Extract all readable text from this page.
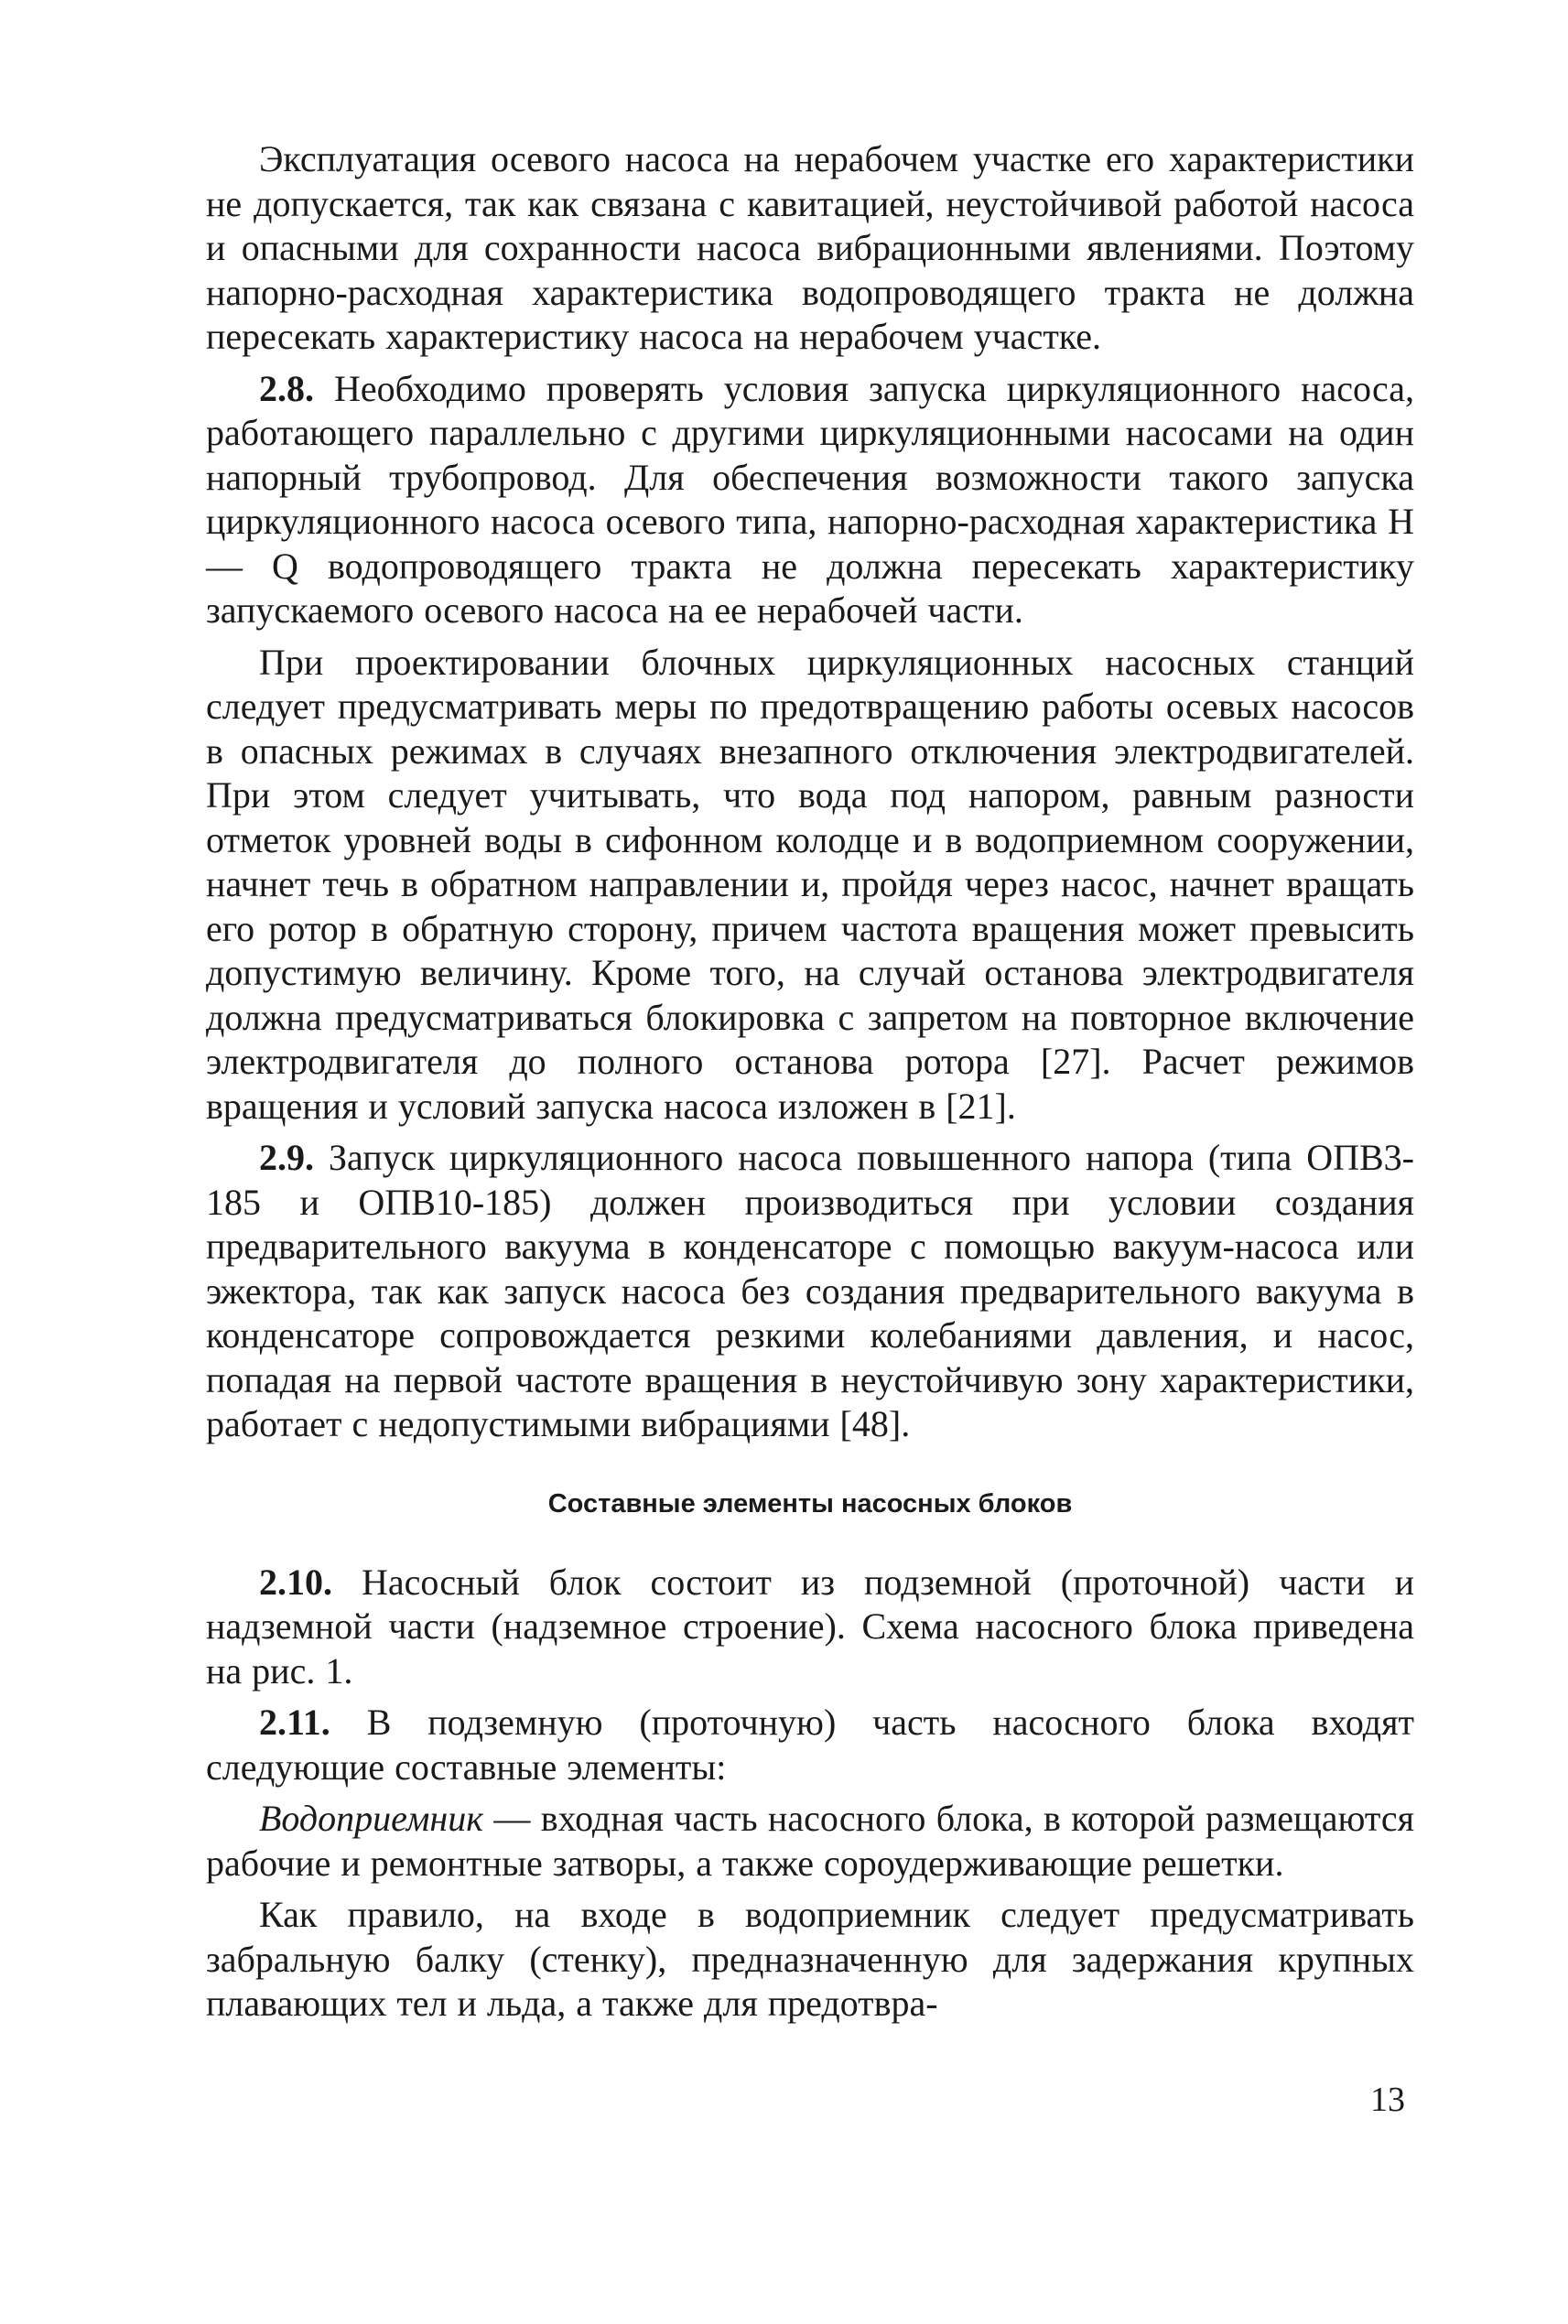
Эксплуатация осевого насоса на нерабочем участке его характеристики не допускается, так как связана с кавитацией, неустойчивой работой насоса и опасными для сохранности насоса вибрационными явлениями. Поэтому напорно-расходная характеристика водопроводящего тракта не должна пересекать характеристику насоса на нерабочем участке.

2.8. Необходимо проверять условия запуска циркуляционного насоса, работающего параллельно с другими циркуляционными насосами на один напорный трубопровод. Для обеспечения возможности такого запуска циркуляционного насоса осевого типа, напорно-расходная характеристика H — Q водопроводящего тракта не должна пересекать характеристику запускаемого осевого насоса на ее нерабочей части.

При проектировании блочных циркуляционных насосных станций следует предусматривать меры по предотвращению работы осевых насосов в опасных режимах в случаях внезапного отключения электродвигателей. При этом следует учитывать, что вода под напором, равным разности отметок уровней воды в сифонном колодце и в водоприемном сооружении, начнет течь в обратном направлении и, пройдя через насос, начнет вращать его ротор в обратную сторону, причем частота вращения может превысить допустимую величину. Кроме того, на случай останова электродвигателя должна предусматриваться блокировка с запретом на повторное включение электродвигателя до полного останова ротора [27]. Расчет режимов вращения и условий запуска насоса изложен в [21].

2.9. Запуск циркуляционного насоса повышенного напора (типа ОПВ3-185 и ОПВ10-185) должен производиться при условии создания предварительного вакуума в конденсаторе с помощью вакуум-насоса или эжектора, так как запуск насоса без создания предварительного вакуума в конденсаторе сопровождается резкими колебаниями давления, и насос, попадая на первой частоте вращения в неустойчивую зону характеристики, работает с недопустимыми вибрациями [48].

Составные элементы насосных блоков

2.10. Насосный блок состоит из подземной (проточной) части и надземной части (надземное строение). Схема насосного блока приведена на рис. 1.

2.11. В подземную (проточную) часть насосного блока входят следующие составные элементы:

Водоприемник — входная часть насосного блока, в которой размещаются рабочие и ремонтные затворы, а также сороудерживающие решетки.

Как правило, на входе в водоприемник следует предусматривать забральную балку (стенку), предназначенную для задержания крупных плавающих тел и льда, а также для предотвра-

13
